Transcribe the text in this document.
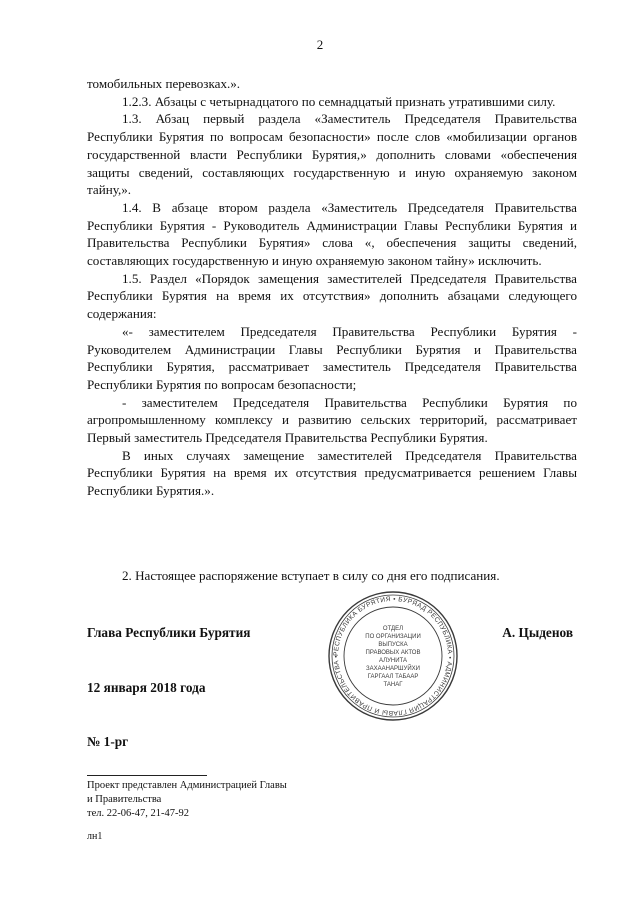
2

томобильных перевозках.».

1.2.3. Абзацы с четырнадцатого по семнадцатый признать утратившими силу.

1.3. Абзац первый раздела «Заместитель Председателя Правительства Республики Бурятия по вопросам безопасности» после слов «мобилизации органов государственной власти Республики Бурятия,» дополнить словами «обеспечения защиты сведений, составляющих государственную и иную охраняемую законом тайну,».

1.4. В абзаце втором раздела «Заместитель Председателя Правительства Республики Бурятия - Руководитель Администрации Главы Республики Бурятия и Правительства Республики Бурятия» слова «, обеспечения защиты сведений, составляющих государственную и иную охраняемую законом тайну» исключить.

1.5. Раздел «Порядок замещения заместителей Председателя Правительства Республики Бурятия на время их отсутствия» дополнить абзацами следующего содержания:

«- заместителем Председателя Правительства Республики Бурятия - Руководителем Администрации Главы Республики Бурятия и Правительства Республики Бурятия, рассматривает заместитель Председателя Правительства Республики Бурятия по вопросам безопасности;

- заместителем Председателя Правительства Республики Бурятия по агропромышленному комплексу и развитию сельских территорий, рассматривает Первый заместитель Председателя Правительства Республики Бурятия.

В иных случаях замещение заместителей Председателя Правительства Республики Бурятия на время их отсутствия предусматривается решением Главы Республики Бурятия.».

2. Настоящее распоряжение вступает в силу со дня его подписания.

Глава Республики Бурятия	А. Цыденов
РЕСПУБЛИКА БУРЯТИЯ • БУРЯАД РЕСПУБЛИКА • АДМИНИСТРАЦИЯ ГЛАВЫ И ПРАВИТЕЛЬСТВА •
ОТДЕЛ
ПО ОРГАНИЗАЦИИ
ВЫПУСКА
ПРАВОВЫХ АКТОВ
АЛУНИТА
ЗАХААНАРШУЙХИ
ГАРГААЛ ТАБААР
ТАНАГ
12 января 2018 года
№ 1-рг
Проект представлен Администрацией Главы
и Правительства
тел. 22-06-47, 21-47-92
лн1
